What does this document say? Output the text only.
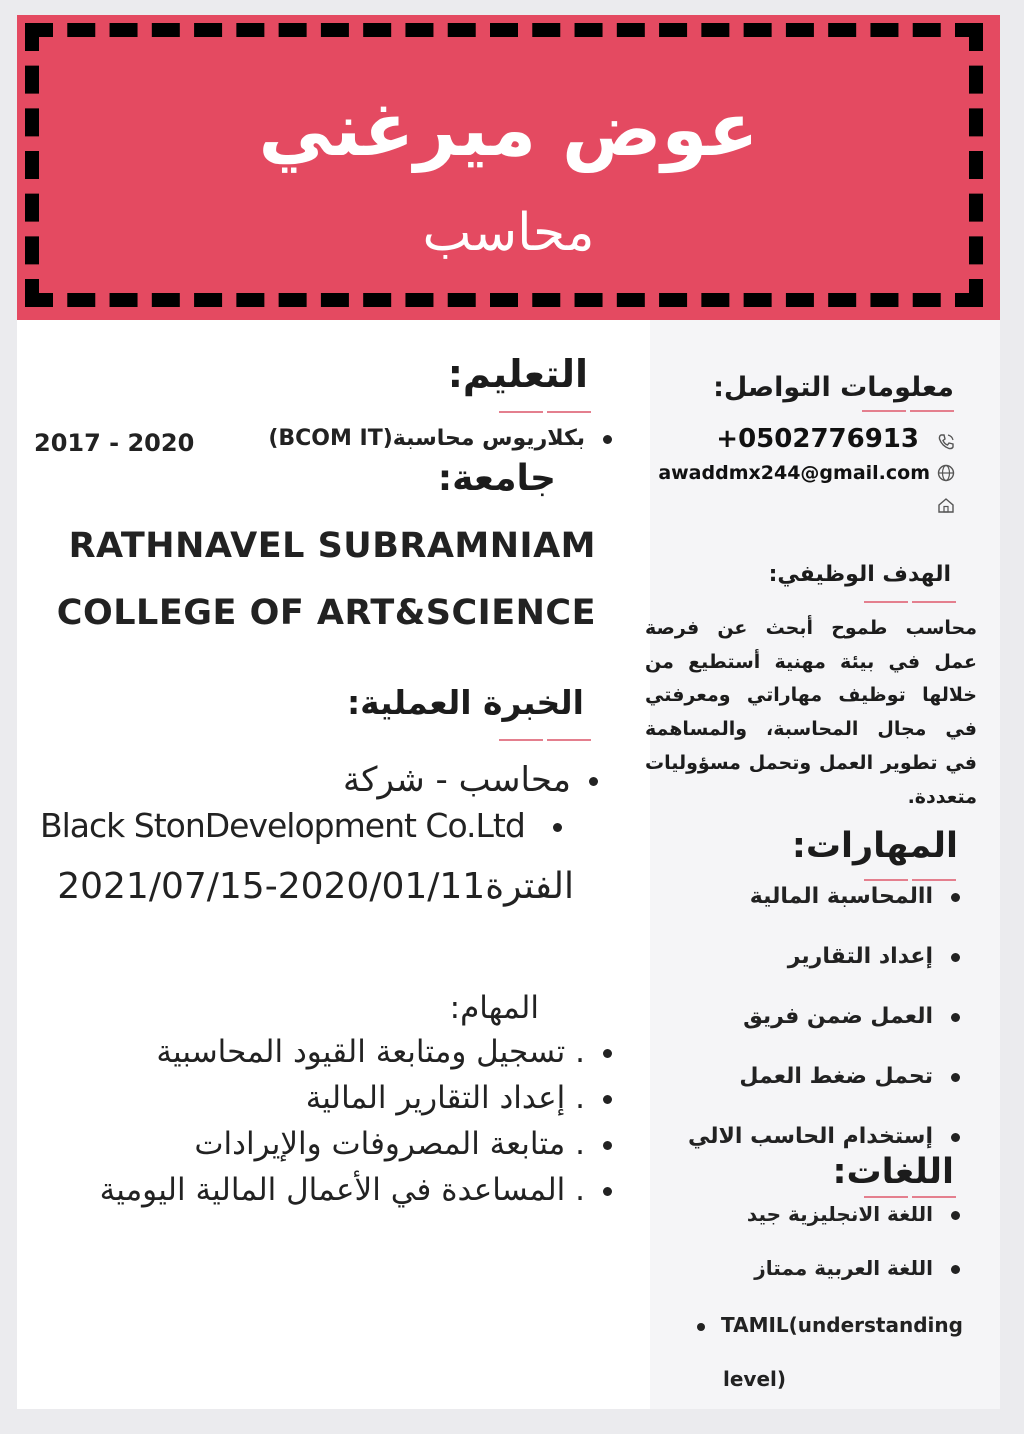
عوض ميرغني
محاسب
معلومات التواصل:
+0502776913
awaddmx244@gmail.com
الهدف الوظيفي:
محاسب طموح أبحث عن فرصة عمل في بيئة مهنية أستطيع من خلالها توظيف مهاراتي ومعرفتي في مجال المحاسبة، والمساهمة في تطوير العمل وتحمل مسؤوليات متعددة.
المهارات:
االمحاسبة المالية
إعداد التقارير
العمل ضمن فريق
تحمل ضغط العمل
إستخدام الحاسب الالي
اللغات:
اللغة الانجليزية جيد
اللغة العربية ممتاز
TAMIL(understanding
level)
التعليم:
بكلاريوس محاسبة(BCOM IT)
2017 - 2020
جامعة:
RATHNAVEL SUBRAMNIAM
COLLEGE OF ART&SCIENCE
الخبرة العملية:
محاسب - شركة
Black StonDevelopment Co.Ltd
الفترة2020/01/11-2021/07/15
المهام:
. تسجيل ومتابعة القيود المحاسبية
. إعداد التقارير المالية
. متابعة المصروفات والإيرادات
. المساعدة في الأعمال المالية اليومية
